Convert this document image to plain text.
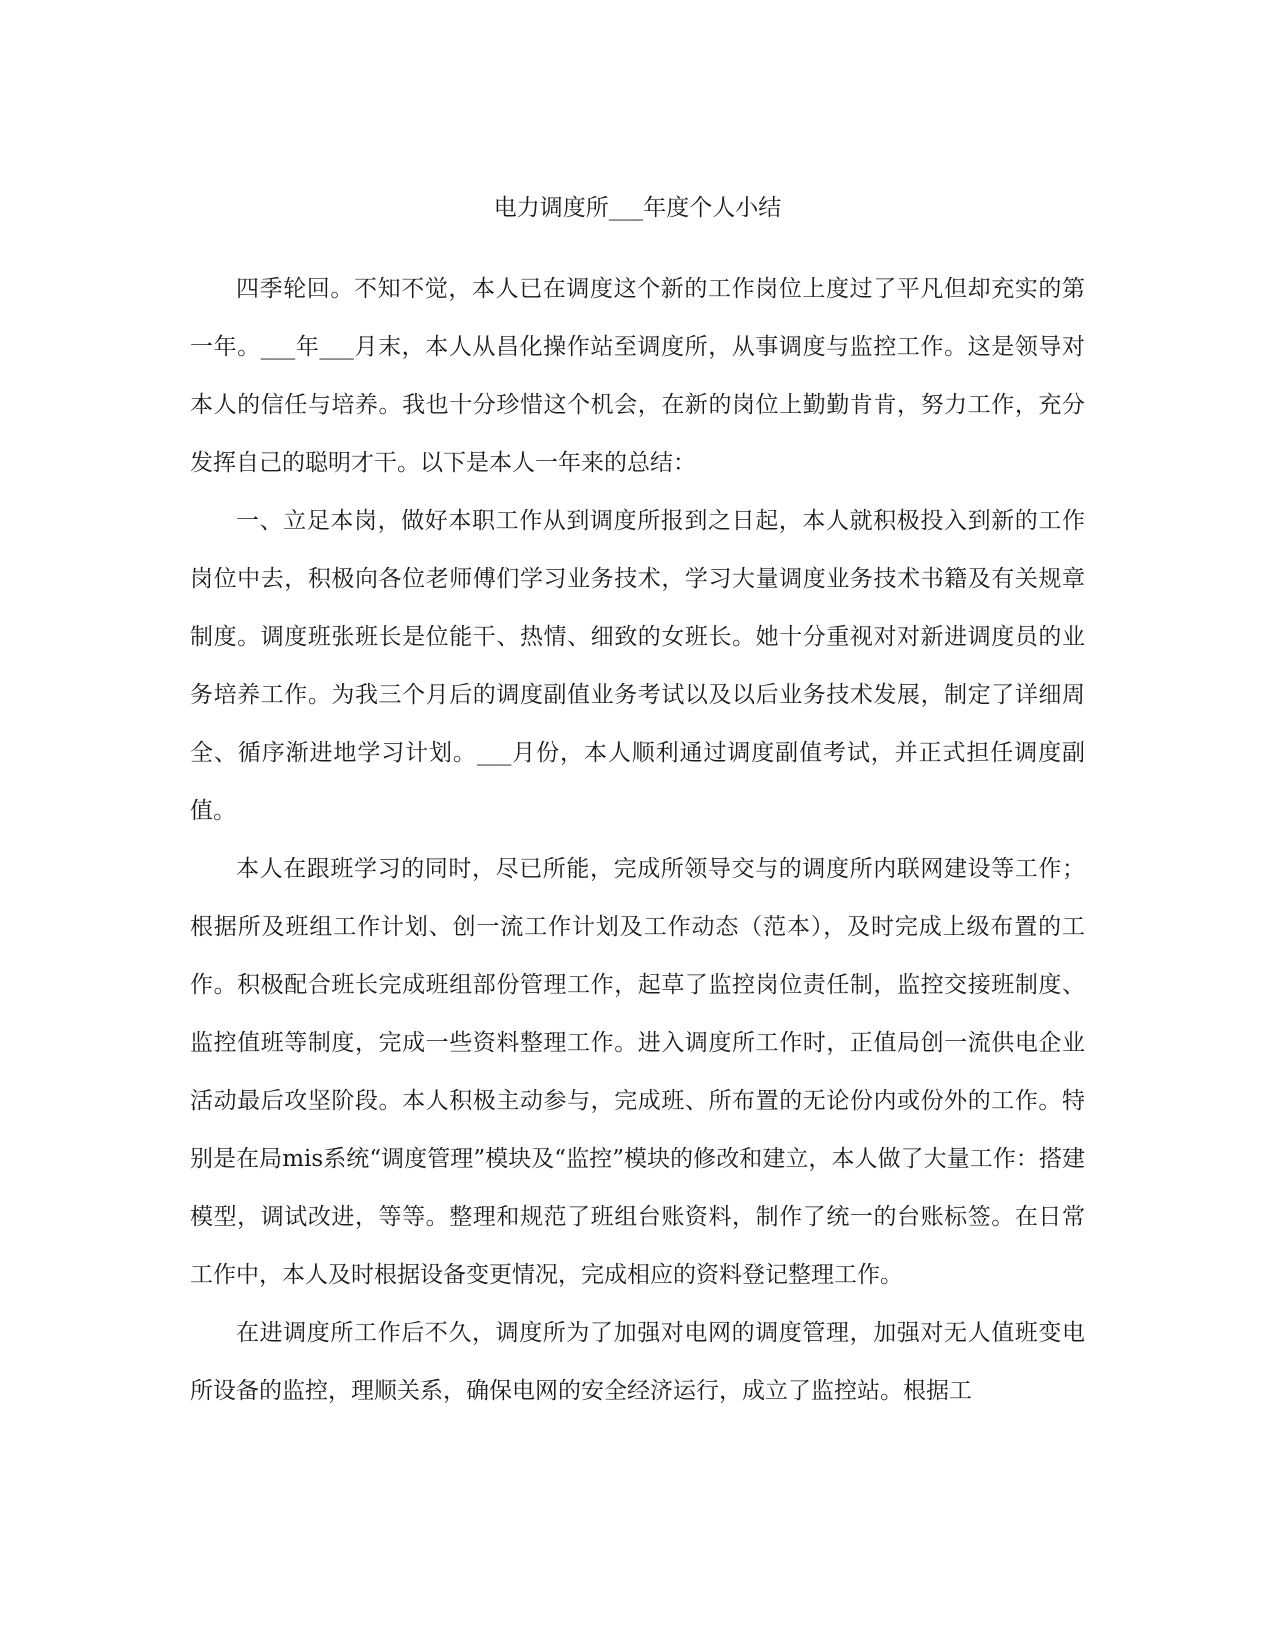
电力调度所___年度个人小结

四季轮回。不知不觉，本人已在调度这个新的工作岗位上度过了平凡但却充实的第一年。___年___月末，本人从昌化操作站至调度所，从事调度与监控工作。这是领导对本人的信任与培养。我也十分珍惜这个机会，在新的岗位上勤勤肯肯，努力工作，充分发挥自己的聪明才干。以下是本人一年来的总结：

一、立足本岗，做好本职工作从到调度所报到之日起，本人就积极投入到新的工作岗位中去，积极向各位老师傅们学习业务技术，学习大量调度业务技术书籍及有关规章制度。调度班张班长是位能干、热情、细致的女班长。她十分重视对对新进调度员的业务培养工作。为我三个月后的调度副值业务考试以及以后业务技术发展，制定了详细周全、循序渐进地学习计划。___月份，本人顺利通过调度副值考试，并正式担任调度副值。

本人在跟班学习的同时，尽已所能，完成所领导交与的调度所内联网建设等工作；根据所及班组工作计划、创一流工作计划及工作动态（范本），及时完成上级布置的工作。积极配合班长完成班组部份管理工作，起草了监控岗位责任制，监控交接班制度、监控值班等制度，完成一些资料整理工作。进入调度所工作时，正值局创一流供电企业活动最后攻坚阶段。本人积极主动参与，完成班、所布置的无论份内或份外的工作。特别是在局mis系统“调度管理”模块及“监控”模块的修改和建立，本人做了大量工作：搭建模型，调试改进，等等。整理和规范了班组台账资料，制作了统一的台账标签。在日常工作中，本人及时根据设备变更情况，完成相应的资料登记整理工作。

在进调度所工作后不久，调度所为了加强对电网的调度管理，加强对无人值班变电所设备的监控，理顺关系，确保电网的安全经济运行，成立了监控站。根据工
